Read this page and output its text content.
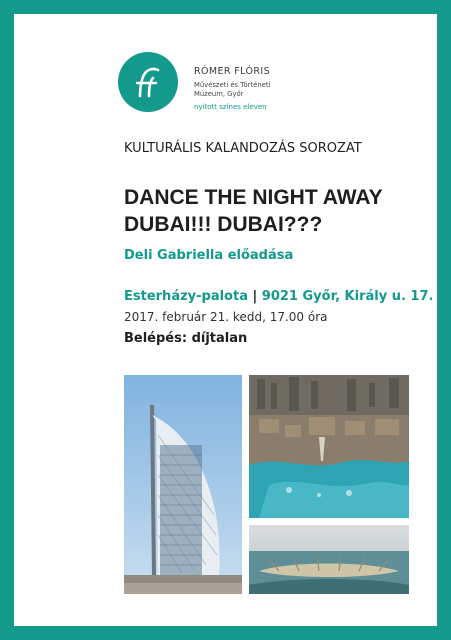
RÓMER FLÓRIS
Művészeti és Történeti
Múzeum, Győr
nyitott színes eleven
KULTURÁLIS KALANDOZÁS SOROZAT
DANCE THE NIGHT AWAY
DUBAI!!! DUBAI???
Deli Gabriella előadása
Esterházy-palota | 9021 Győr, Király u. 17.
2017. február 21. kedd, 17.00 óra
Belépés: díjtalan
